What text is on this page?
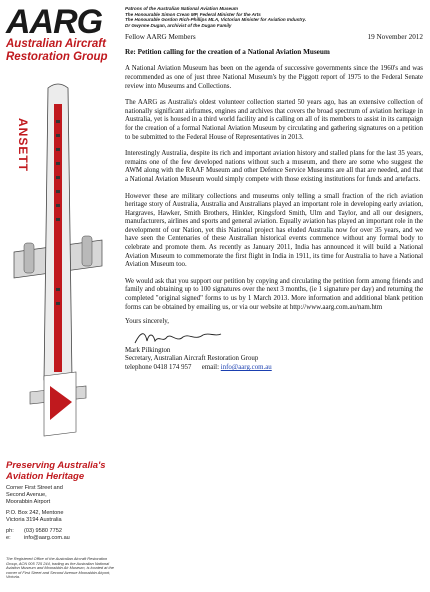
AARG
Australian Aircraft
Restoration Group
ANSETT
Preserving Australia's
Aviation Heritage
Corner First Street and
Second Avenue,
Moorabbin Airport
P.O. Box 242, Mentone
Victoria 3194 Australia
ph:	(03) 9580 7752
e:	info@aarg.com.au
The Registered Office of the Australian Aircraft Restoration Group, ACN 005 725 244, trading as the Australian National Aviation Museum and Moorabbin Air Museum, is located at the corner of First Street and Second Avenue Moorabbin Airport, Victoria.
Patrons of the Australian National Aviation Museum
The Honourable Simon Crean MP, Federal Minister for the Arts
The Honourable Gordon Rich-Phillips MLA, Victorian Minister for Aviation Industry.
Dr Gwynne Dugan, archivist of the Dugan Family
Fellow AARG Members	19 November 2012
Re: Petition calling for the creation of a National Aviation Museum

A National Aviation Museum has been on the agenda of successive governments since the 1960's and was recommended as one of just three National Museum's by the Piggott report of 1975 to the Federal Senate review into Museums and Collections.

The AARG as Australia's oldest volunteer collection started 50 years ago, has an extensive collection of nationally significant airframes, engines and archives that covers the broad spectrum of aviation heritage in Australia, yet is housed in a third world facility and is calling on all of its members to assist in its campaign for the creation of a formal National Aviation Museum by circulating and gathering signatures on a petition to be submitted to the Federal House of Representatives in 2013.

Interestingly Australia, despite its rich and important aviation history and stalled plans for the last 35 years, remains one of the few developed nations without such a museum, and there are some who suggest the AWM along with the RAAF Museum and other Defence Service Museums are all that are needed, and that a National Aviation Museum would simply compete with those existing institutions for funds and artefacts.

However these are military collections and museums only telling a small fraction of the rich aviation heritage story of Australia, Australia and Australians played an important role in developing early aviation, Hargraves, Hawker, Smith Brothers, Hinkler, Kingsford Smith, Ulm and Taylor, and all our designers, manufacturers, airlines and sports and general aviation. Equally aviation has played an important role in the development of our Nation, yet this National project has eluded Australia now for over 35 years, and we have seen the Centenaries of these Australian historical events commence without any formal body to celebrate and promote them. As recently as January 2011, India has announced it will build a National Aviation Museum to commemorate the first flight in India in 1911, its time for Australia to have a National Aviation Museum too.

We would ask that you support our petition by copying and circulating the petition form among friends and family and obtaining up to 100 signatures over the next 3 months, (ie 1 signature per day) and returning the completed "original signed" forms to us by 1 March 2013. More information and additional blank petition forms can be obtained by emailing us, or via our website at http://www.aarg.com.au/nam.htm

Yours sincerely,
Mark Pilkington
Secretary, Australian Aircraft Restoration Group
telephone 0418 174 957 email: info@aarg.com.au
